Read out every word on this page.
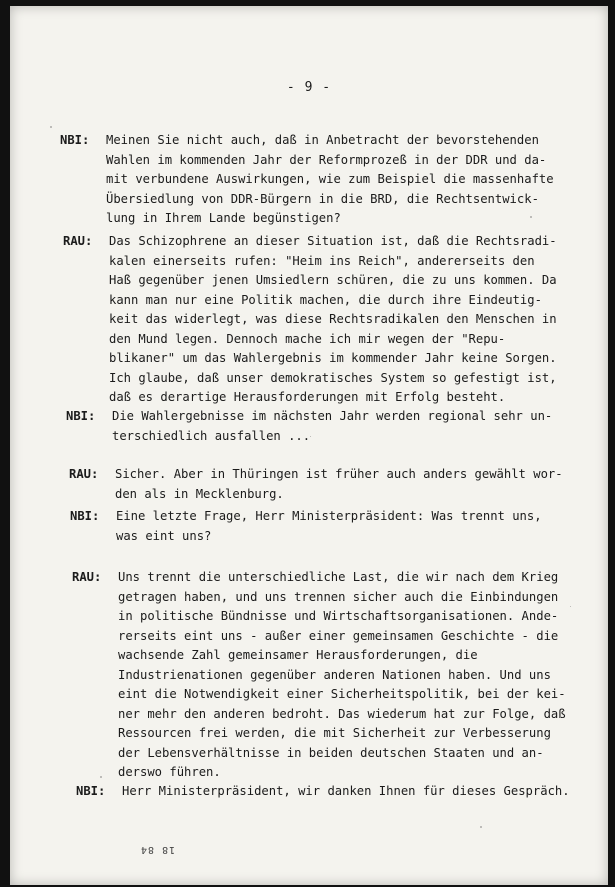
- 9 -
NBI: Meinen Sie nicht auch, daß in Anbetracht der bevorstehenden
Wahlen im kommenden Jahr der Reformprozeß in der DDR und da-
mit verbundene Auswirkungen, wie zum Beispiel die massenhafte
Übersiedlung von DDR-Bürgern in die BRD, die Rechtsentwick-
lung in Ihrem Lande begünstigen?
RAU: Das Schizophrene an dieser Situation ist, daß die Rechtsradi-
kalen einerseits rufen: "Heim ins Reich", andererseits den
Haß gegenüber jenen Umsiedlern schüren, die zu uns kommen. Da
kann man nur eine Politik machen, die durch ihre Eindeutig-
keit das widerlegt, was diese Rechtsradikalen den Menschen in
den Mund legen. Dennoch mache ich mir wegen der "Repu-
blikaner" um das Wahlergebnis im kommender Jahr keine Sorgen.
Ich glaube, daß unser demokratisches System so gefestigt ist,
daß es derartige Herausforderungen mit Erfolg besteht.
NBI: Die Wahlergebnisse im nächsten Jahr werden regional sehr un-
terschiedlich ausfallen ...
RAU: Sicher. Aber in Thüringen ist früher auch anders gewählt wor-
den als in Mecklenburg.
NBI: Eine letzte Frage, Herr Ministerpräsident: Was trennt uns,
was eint uns?
RAU: Uns trennt die unterschiedliche Last, die wir nach dem Krieg
getragen haben, und uns trennen sicher auch die Einbindungen
in politische Bündnisse und Wirtschaftsorganisationen. Ande-
rerseits eint uns - außer einer gemeinsamen Geschichte - die
wachsende Zahl gemeinsamer Herausforderungen, die
Industrienationen gegenüber anderen Nationen haben. Und uns
eint die Notwendigkeit einer Sicherheitspolitik, bei der kei-
ner mehr den anderen bedroht. Das wiederum hat zur Folge, daß
Ressourcen frei werden, die mit Sicherheit zur Verbesserung
der Lebensverhältnisse in beiden deutschen Staaten und an-
derswo führen.
NBI: Herr Ministerpräsident, wir danken Ihnen für dieses Gespräch.
18 84
